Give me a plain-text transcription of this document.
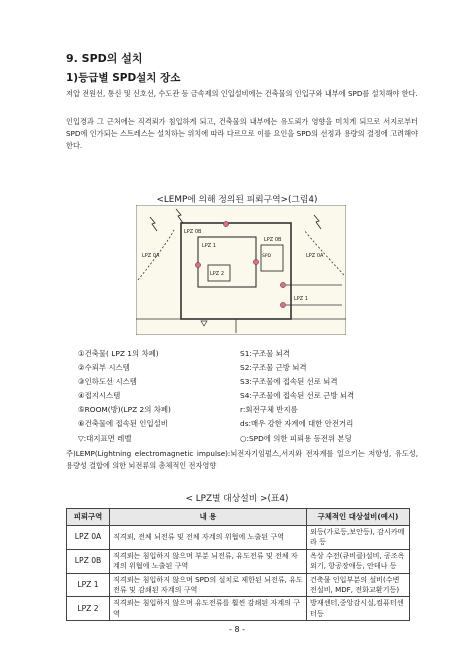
9. SPD의 설치
1)등급별 SPD설치 장소
저압 전원선, 통신 및 신호선, 수도관 등 금속제의 인입설비에는 건축물의 인입구와 내부에 SPD를 설치해야 한다.
인입경과 그 근처에는 직격뢰가 침입하게 되고, 건축물의 내부에는 유도뢰가 영향을 미치게 되므로 서지로부터 SPD에 인가되는 스트레스는 설치하는 위치에 따라 다르므로 이를 요인을 SPD의 선정과 용량의 결정에 고려해야 한다.
<LEMP에 의해 정의된 피뢰구역>(그림4)
LPZ 0A
LPZ 0B
LPZ 1
LPZ 2
LPZ 0A
LPZ 0B
LPZ 1
SPD
①건축물( LPZ 1의 차폐)
②수뢰부 시스템
③인하도선 시스템
④접지시스템
⑤ROOM(방)(LPZ 2의 차폐)
⑥건축물에 접속된 인입설비
▽:대지표면 레벨
S1:구조물 뇌격
S2:구조물 근방 뇌격
S3:구조물에 접속된 선로 뇌격
S4:구조물에 접속된 선로 근방 뇌격
r:회전구체 반지름
ds:매우 강한 자계에 대한 안전거리
○:SPD에 의한 피뢰용 등전위 본딩
주)LEMP(Lightning electromagnetic impulse):뇌전자기임펄스,서지와 전자계를 일으키는 저항성, 유도성, 용량성 결합에 의한 뇌전류의 총체적인 전자영향
< LPZ별 대상설비 >(표4)
피뢰구역	내 용	구체적인 대상설비(예시)
LPZ 0A	직격뢰, 전체 뇌전류 및 전체 자계의 위협에 노출된 구역	외등(가로등,보안등), 감시카메라 등
LPZ 0B	직격뢰는 침입하지 않으며 부분 뇌전류, 유도전류 및 전체 자계의 위협에 노출된 구역	옥상 수전(큐비클)설비, 공조옥외기, 항공장애등, 안테나 등
LPZ 1	직격뢰는 침입하지 않으며 SPD의 설치로 제한된 뇌전류, 유도전류 및 감쇄된 자계의 구역	건축물 인입부분의 설비(수변전설비, MDF, 전화교환기등)
LPZ 2	직격뢰는 침입하지 않으며 유도전류를 훨씬 감쇄된 자계의 구역	방재센터,중앙감시실,컴퓨터센터등
- 8 -
